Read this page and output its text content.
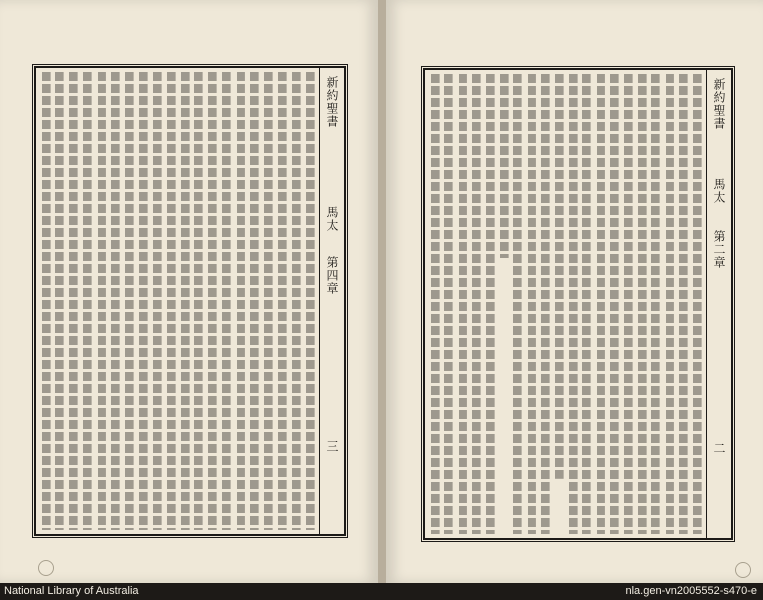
新約聖書
馬太
第四章
三
新約聖書
馬太
第二章
二
National Library of Australia	nla.gen-vn2005552-s470-e
